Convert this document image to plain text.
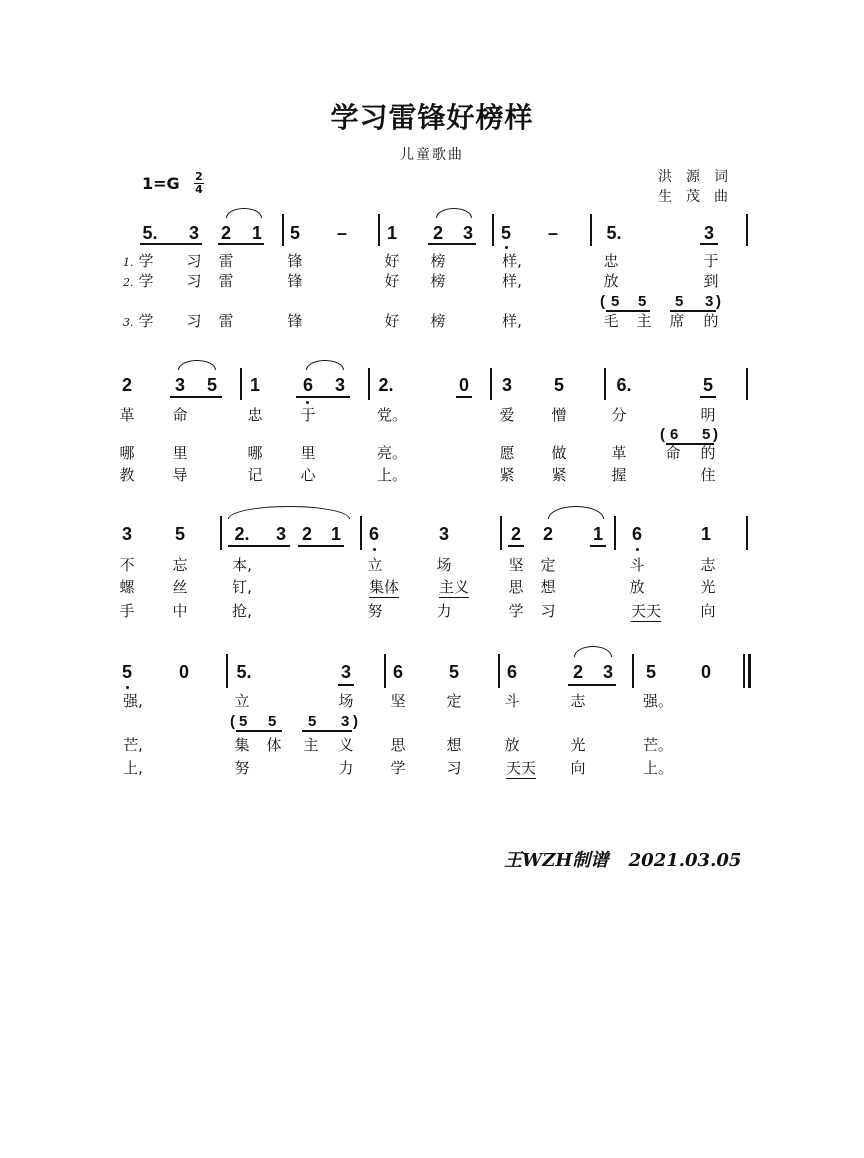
学习雷锋好榜样
儿童歌曲
1=G 2
4
洪源词
生茂曲
5. 3 2 1 5 – 1 2 3 5 –	5.	3
1. 学 习 雷	锋	好 榜	样,	忠	于
2. 学 习 雷	锋	好 榜	样,	放	到
( 5 5 5 3 )
3. 学 习 雷	锋	好 榜	样,	毛 主 席 的
2 3 5 1 6 3 2.	0 3 5	6.	5
革	命	忠	于	党。	爱 憎	分	明
( 6 5 )
哪	里	哪	里	亮。	愿 做	革	命 的
教	导	记	心	上。	紧 紧	握	住
3 5	2. 3 2 1 6	3	2 2 1 6	1
不	忘	本,	立	场	坚 定	斗	志
螺	丝	钉,	集体	主义	思 想	放	光
手	中	抢,	努	力	学 习	天天	向
5	0	5.	3 6	5	6	2 3 5 0
强,	立	场 坚	定	斗	志	强。
( 5 5 5 3 )
芒,	集 体 主 义 思	想	放	光	芒。
上,	努	力 学	习	天天 向	上。
王WZH制谱 2021.03.05
